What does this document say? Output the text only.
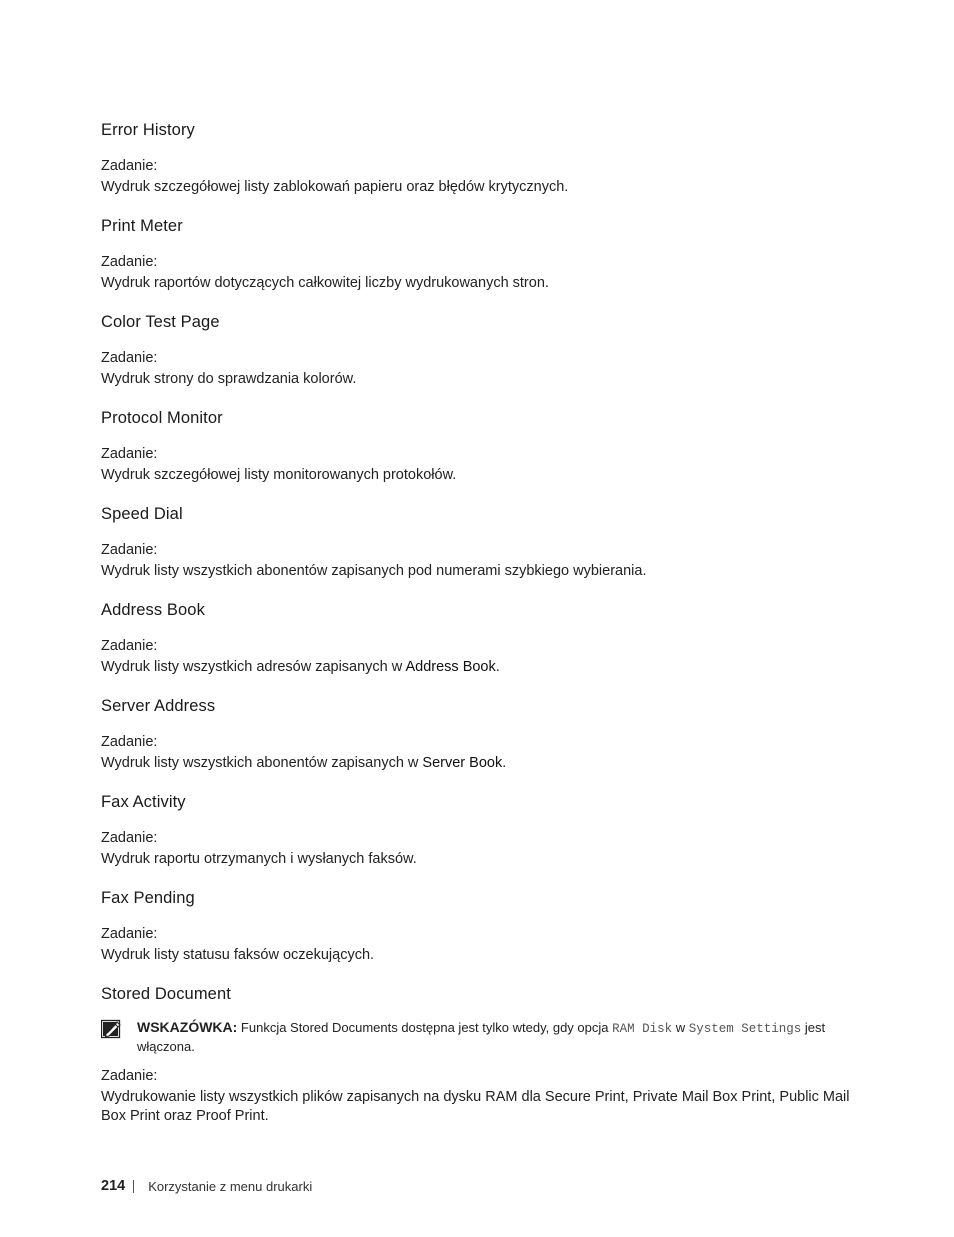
Error History

Zadanie:

Wydruk szczegółowej listy zablokowań papieru oraz błędów krytycznych.

Print Meter

Zadanie:

Wydruk raportów dotyczących całkowitej liczby wydrukowanych stron.

Color Test Page

Zadanie:

Wydruk strony do sprawdzania kolorów.

Protocol Monitor

Zadanie:

Wydruk szczegółowej listy monitorowanych protokołów.

Speed Dial

Zadanie:

Wydruk listy wszystkich abonentów zapisanych pod numerami szybkiego wybierania.

Address Book

Zadanie:

Wydruk listy wszystkich adresów zapisanych w Address Book.

Server Address

Zadanie:

Wydruk listy wszystkich abonentów zapisanych w Server Book.

Fax Activity

Zadanie:

Wydruk raportu otrzymanych i wysłanych faksów.

Fax Pending

Zadanie:

Wydruk listy statusu faksów oczekujących.

Stored Document
WSKAZÓWKA: Funkcja Stored Documents dostępna jest tylko wtedy, gdy opcja RAM Disk w System Settings jest włączona.

Zadanie:

Wydrukowanie listy wszystkich plików zapisanych na dysku RAM dla Secure Print, Private Mail Box Print, Public Mail Box Print oraz Proof Print.

214 Korzystanie z menu drukarki
